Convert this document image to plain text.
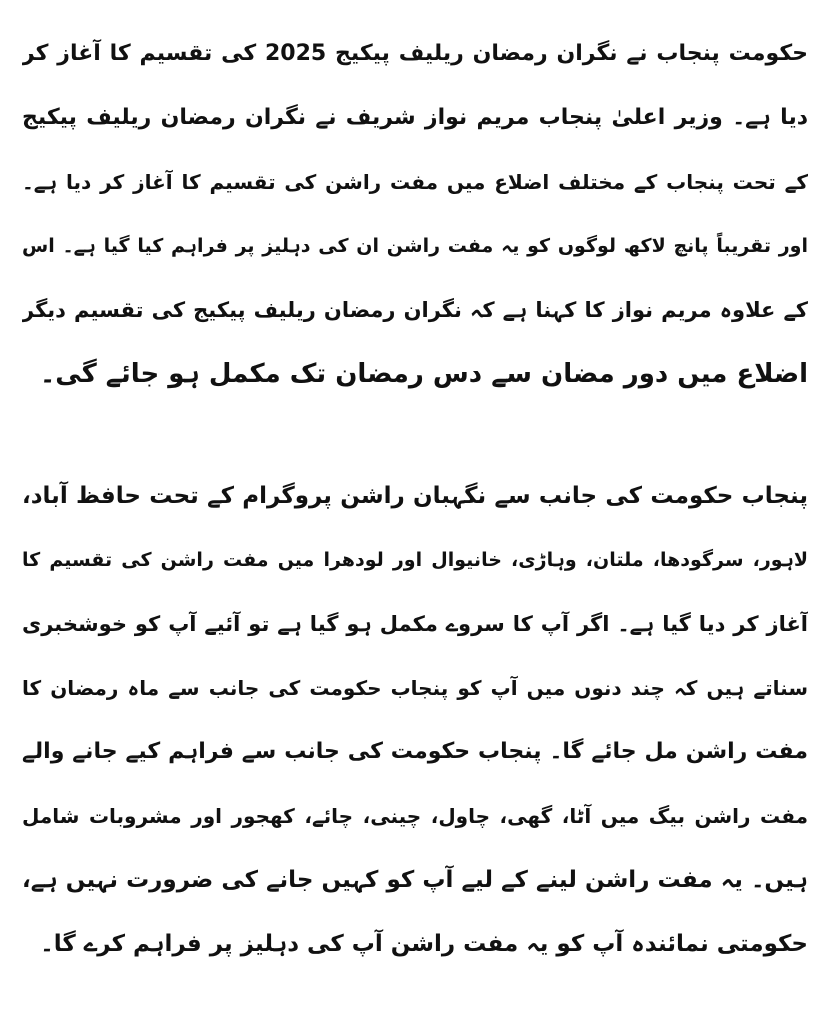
حکومت پنجاب نے نگران رمضان ریلیف پیکیج 2025 کی تقسیم کا آغاز کر
دیا ہے۔ وزیر اعلیٰ پنجاب مریم نواز شریف نے نگران رمضان ریلیف پیکیج
کے تحت پنجاب کے مختلف اضلاع میں مفت راشن کی تقسیم کا آغاز کر دیا ہے۔
اور تقریباً پانچ لاکھ لوگوں کو یہ مفت راشن ان کی دہلیز پر فراہم کیا گیا ہے۔ اس
کے علاوہ مریم نواز کا کہنا ہے کہ نگران رمضان ریلیف پیکیج کی تقسیم دیگر
اضلاع میں دور مضان سے دس رمضان تک مکمل ہو جائے گی۔
پنجاب حکومت کی جانب سے نگہبان راشن پروگرام کے تحت حافظ آباد،
لاہور، سرگودھا، ملتان، وہاڑی، خانیوال اور لودھرا میں مفت راشن کی تقسیم کا
آغاز کر دیا گیا ہے۔ اگر آپ کا سروے مکمل ہو گیا ہے تو آئیے آپ کو خوشخبری
سناتے ہیں کہ چند دنوں میں آپ کو پنجاب حکومت کی جانب سے ماہ رمضان کا
مفت راشن مل جائے گا۔ پنجاب حکومت کی جانب سے فراہم کیے جانے والے
مفت راشن بیگ میں آٹا، گھی، چاول، چینی، چائے، کھجور اور مشروبات شامل
ہیں۔ یہ مفت راشن لینے کے لیے آپ کو کہیں جانے کی ضرورت نہیں ہے،
حکومتی نمائندہ آپ کو یہ مفت راشن آپ کی دہلیز پر فراہم کرے گا۔
